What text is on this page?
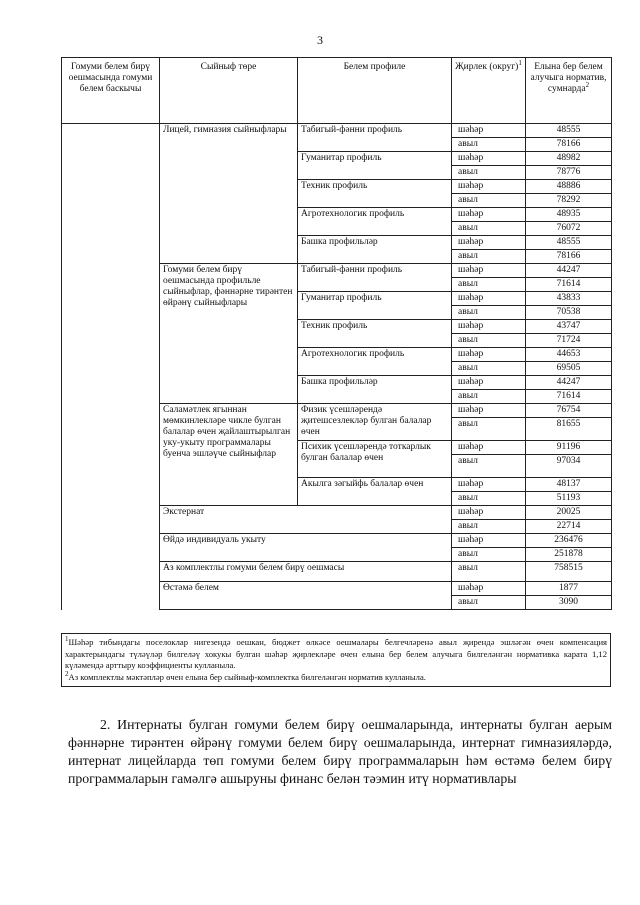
3
Гомуми белем бирү оешмасында гомуми белем баскычы	Сыйныф төре	Белем профиле	Җирлек (округ)$^1$	Елына бер белем алучыга норматив, сумнарда$^2$
	Лицей, гимназия сыйныфлары	Табигый-фәнни профиль	шәһәр	48555
			авыл	78166
		Гуманитар профиль	шәһәр	48982
			авыл	78776
		Техник профиль	шәһәр	48886
			авыл	78292
		Агротехнологик профиль	шәһәр	48935
			авыл	76072
		Башка профильләр	шәһәр	48555
			авыл	78166
	Гомуми белем бирү оешмасында профильле сыйныфлар, фәннәрне тирәнтен өйрәнү сыйныфлары	Табигый-фәнни профиль	шәһәр	44247
			авыл	71614
		Гуманитар профиль	шәһәр	43833
			авыл	70538
		Техник профиль	шәһәр	43747
			авыл	71724
		Агротехнологик профиль	шәһәр	44653
			авыл	69505
		Башка профильләр	шәһәр	44247
			авыл	71614
	Саламәтлек ягыннан мөмкинлекләре чикле булган балалар өчен җайлаштырылган уку-укыту программалары буенча эшләүче сыйныфлар	Физик үсешләрендә җитешсезлекләр булган балалар өчен	шәһәр	76754
			авыл	81655
		Психик үсешләрендә тоткарлык булган балалар өчен	шәһәр	91196
			авыл	97034
		Акылга зәгыйфь балалар өчен	шәһәр	48137
			авыл	51193
	Экстернат		шәһәр	20025
			авыл	22714
	Өйдә индивидуаль укыту		шәһәр	236476
			авыл	251878
	Аз комплектлы гомуми белем бирү оешмасы		авыл	758515
	Өстәмә белем		шәһәр	1877
			авыл	3090

$^1$Шәһәр тибындагы поселоклар нигезендә оешкан, бюджет өлкәсе оешмалары белгечләренә авыл җирендә эшләгән өчен компенсация характерындагы түләүләр билгеләү хокукы булган шәһәр җирлекләре өчен елына бер белем алучыга билгеләнгән нормативка карата 1,12 күләмендә арттыру коэффициенты кулланыла.

$^2$Аз комплектлы мәктәпләр өчен елына бер сыйныф-комплектка билгеләнгән норматив кулланыла.

2. Интернаты булган гомуми белем бирү оешмаларында, интернаты булган аерым фәннәрне тирәнтен өйрәнү гомуми белем бирү оешмаларында, интернат гимназияләрдә, интернат лицейларда төп гомуми белем бирү программаларын һәм өстәмә белем бирү программаларын гамәлгә ашыруны финанс белән тәэмин итү нормативлары
